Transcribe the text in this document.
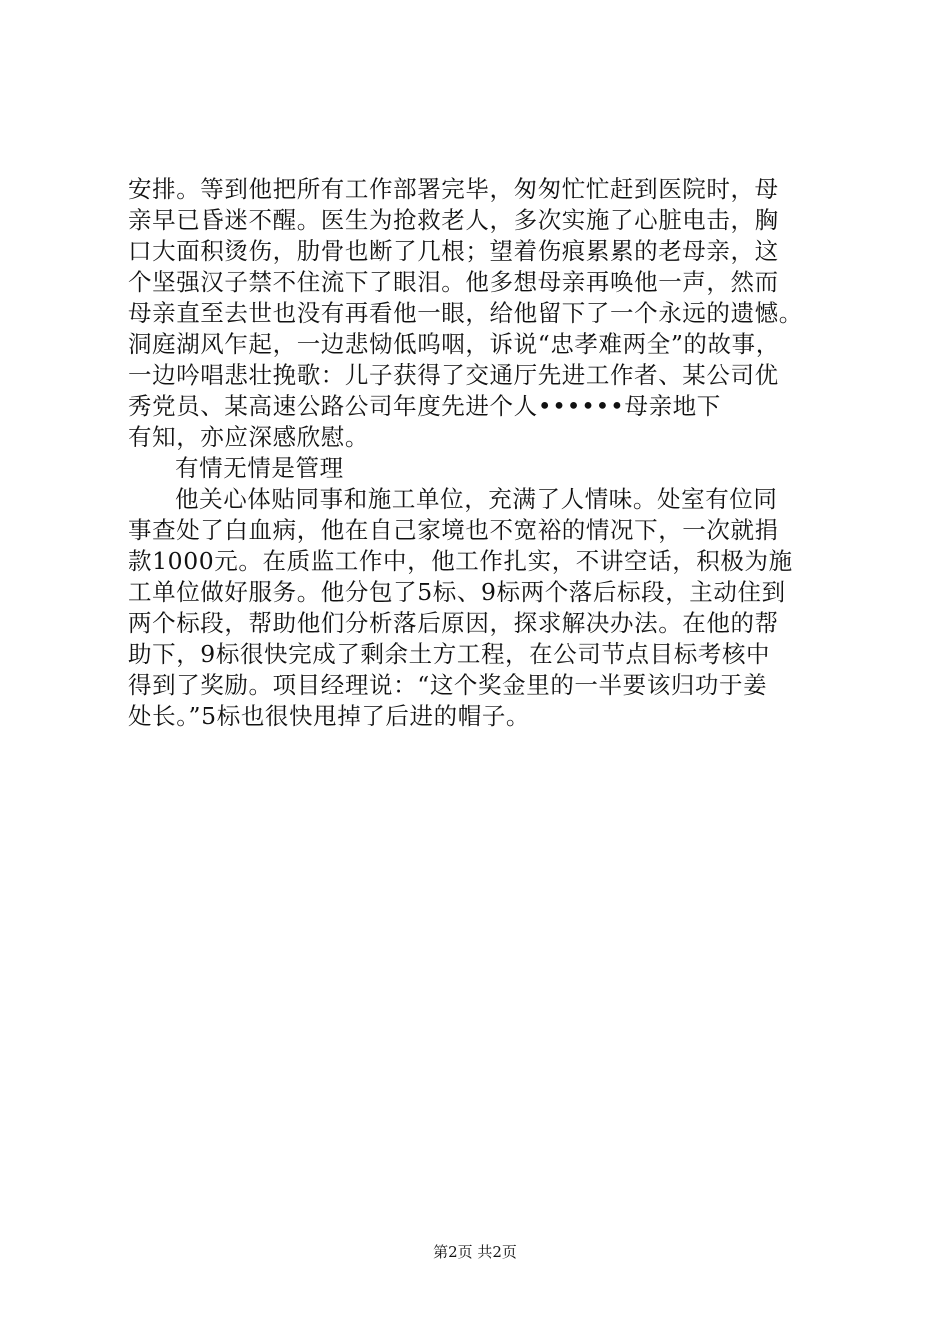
安排。等到他把所有工作部署完毕，匆匆忙忙赶到医院时，母
亲早已昏迷不醒。医生为抢救老人，多次实施了心脏电击，胸
口大面积烫伤，肋骨也断了几根；望着伤痕累累的老母亲，这
个坚强汉子禁不住流下了眼泪。他多想母亲再唤他一声，然而
母亲直至去世也没有再看他一眼，给他留下了一个永远的遗憾。
洞庭湖风乍起，一边悲恸低呜咽，诉说“忠孝难两全”的故事，
一边吟唱悲壮挽歌：儿子获得了交通厅先进工作者、某公司优
秀党员、某高速公路公司年度先进个人••••••母亲地下
有知，亦应深感欣慰。
有情无情是管理
他关心体贴同事和施工单位，充满了人情味。处室有位同
事查处了白血病，他在自己家境也不宽裕的情况下，一次就捐
款1000元。在质监工作中，他工作扎实，不讲空话，积极为施
工单位做好服务。他分包了5标、9标两个落后标段，主动住到
两个标段，帮助他们分析落后原因，探求解决办法。在他的帮
助下，9标很快完成了剩余土方工程，在公司节点目标考核中
得到了奖励。项目经理说：“这个奖金里的一半要该归功于姜
处长。”5标也很快甩掉了后进的帽子。
第2页 共2页
